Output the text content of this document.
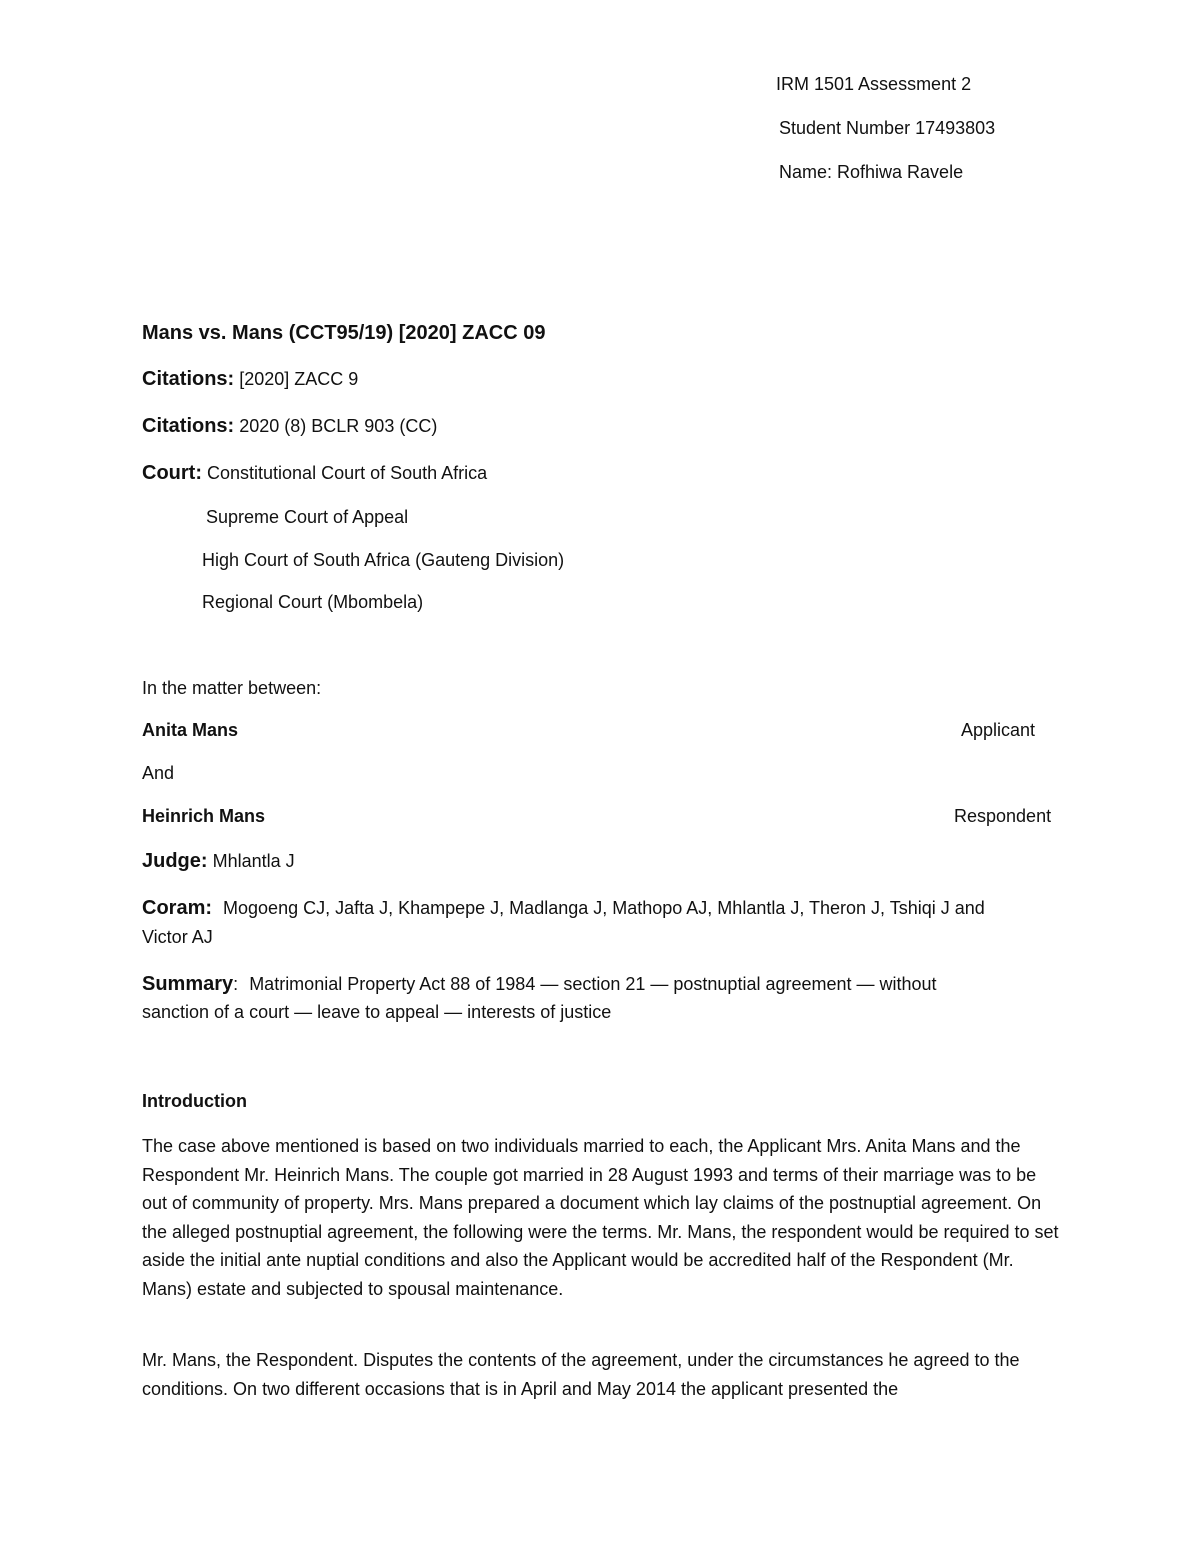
IRM 1501 Assessment 2
Student Number 17493803
Name: Rofhiwa Ravele
Mans vs. Mans (CCT95/19) [2020] ZACC 09
Citations: [2020] ZACC 9
Citations: 2020 (8) BCLR 903 (CC)
Court: Constitutional Court of South Africa
Supreme Court of Appeal
High Court of South Africa (Gauteng Division)
Regional Court (Mbombela)
In the matter between:
Anita Mans	Applicant
And
Heinrich Mans	Respondent
Judge: Mhlantla J
Coram: Mogoeng CJ, Jafta J, Khampepe J, Madlanga J, Mathopo AJ, Mhlantla J, Theron J, Tshiqi J and
Victor AJ
Summary: Matrimonial Property Act 88 of 1984 — section 21 — postnuptial agreement — without
sanction of a court — leave to appeal — interests of justice
Introduction
The case above mentioned is based on two individuals married to each, the Applicant Mrs. Anita Mans and the Respondent Mr. Heinrich Mans. The couple got married in 28 August 1993 and terms of their marriage was to be out of community of property. Mrs. Mans prepared a document which lay claims of the postnuptial agreement. On the alleged postnuptial agreement, the following were the terms. Mr. Mans, the respondent would be required to set aside the initial ante nuptial conditions and also the Applicant would be accredited half of the Respondent (Mr. Mans) estate and subjected to spousal maintenance.
Mr. Mans, the Respondent. Disputes the contents of the agreement, under the circumstances he agreed to the conditions. On two different occasions that is in April and May 2014 the applicant presented the
